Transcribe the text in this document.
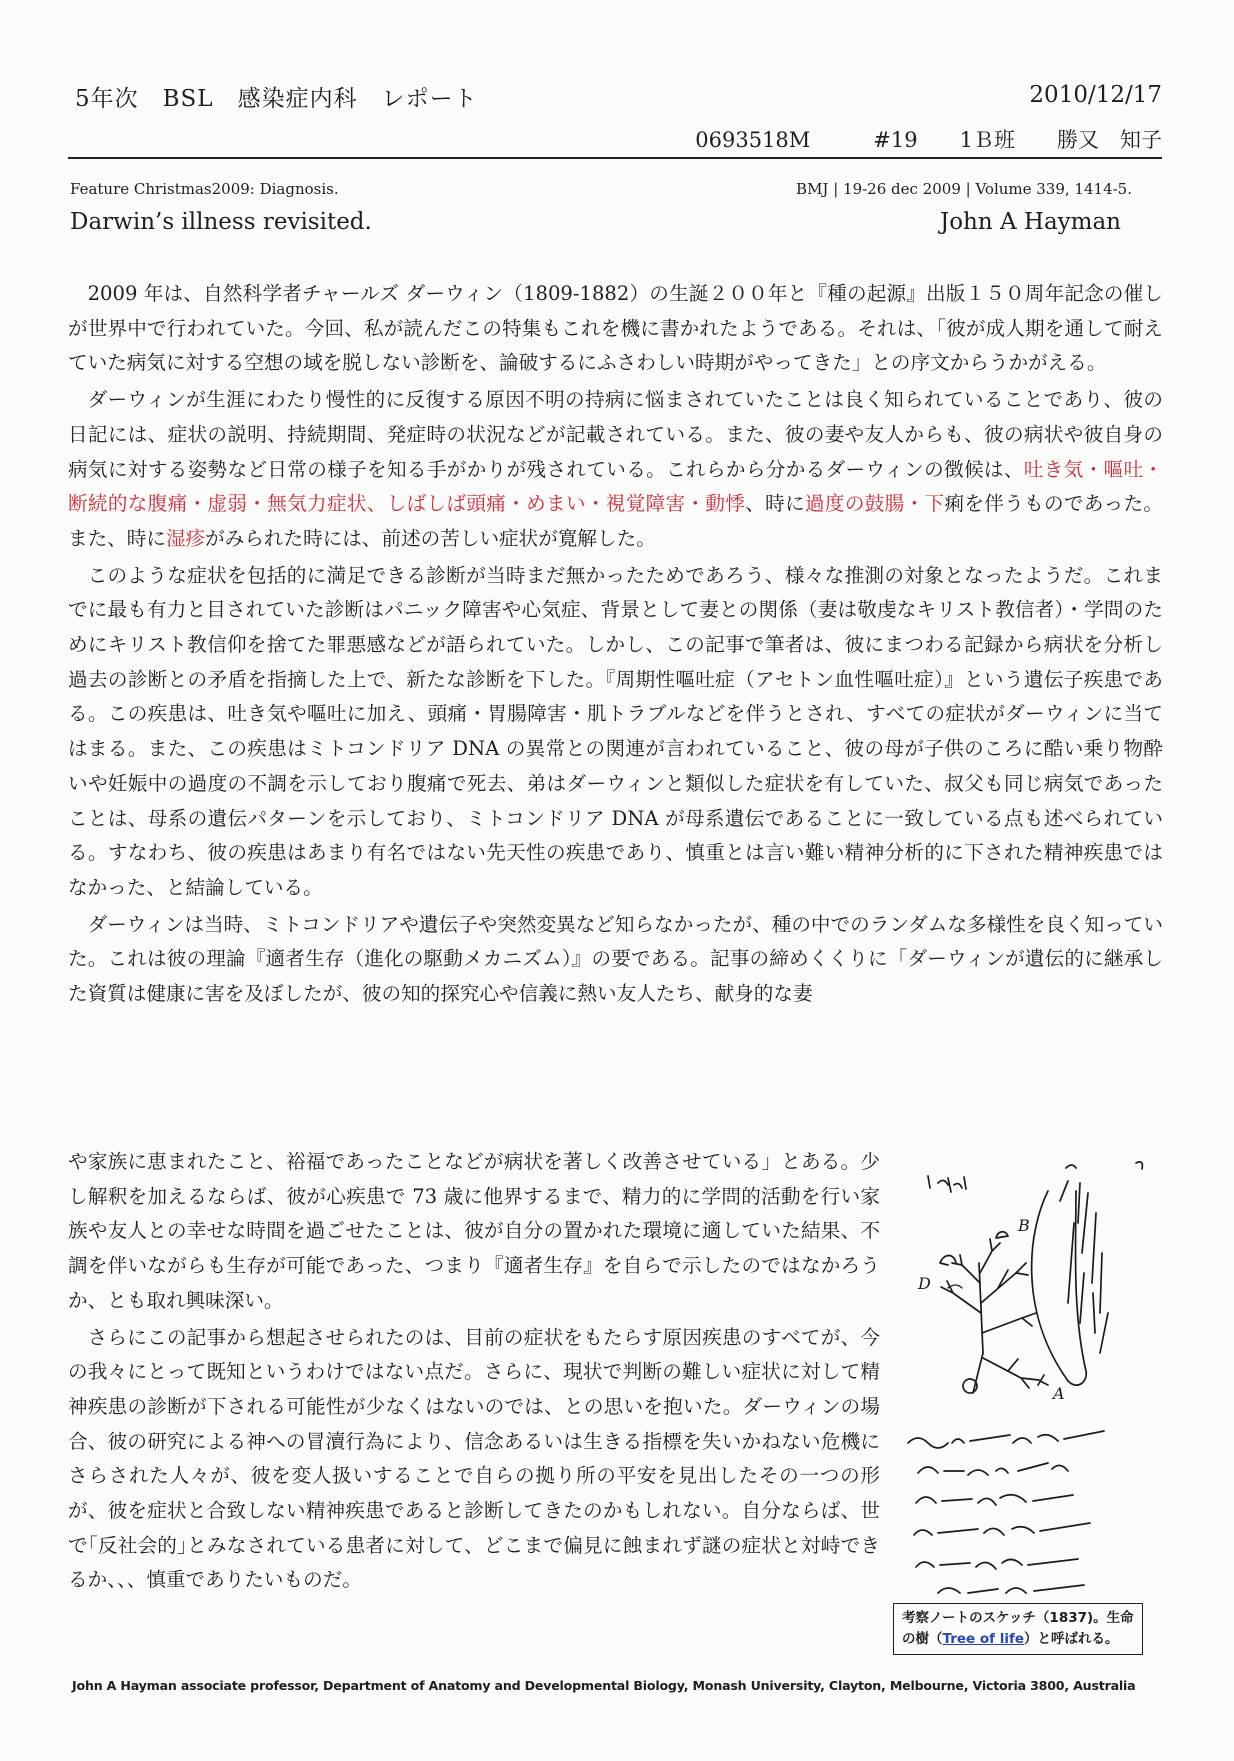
5年次　BSL　感染症内科　レポート	2010/12/17
0693518M　　　	#19　　 1Ｂ班　　 勝又　知子
Feature Christmas2009: Diagnosis.	BMJ | 19-26 dec 2009 | Volume 339, 1414-5.
Darwin’s illness revisited.	John A Hayman

2009 年は、自然科学者チャールズ ダーウィン（1809-1882）の生誕２００年と『種の起源』出版１５０周年記念の催しが世界中で行われていた。今回、私が読んだこの特集もこれを機に書かれたようである。それは、「彼が成人期を通して耐えていた病気に対する空想の域を脱しない診断を、論破するにふさわしい時期がやってきた」との序文からうかがえる。

ダーウィンが生涯にわたり慢性的に反復する原因不明の持病に悩まされていたことは良く知られていることであり、彼の日記には、症状の説明、持続期間、発症時の状況などが記載されている。また、彼の妻や友人からも、彼の病状や彼自身の病気に対する姿勢など日常の様子を知る手がかりが残されている。これらから分かるダーウィンの徴候は、吐き気・嘔吐・断続的な腹痛・虚弱・無気力症状、しばしば頭痛・めまい・視覚障害・動悸、時に過度の鼓腸・下痢を伴うものであった。また、時に湿疹がみられた時には、前述の苦しい症状が寛解した。

このような症状を包括的に満足できる診断が当時まだ無かったためであろう、様々な推測の対象となったようだ。これまでに最も有力と目されていた診断はパニック障害や心気症、背景として妻との関係（妻は敬虔なキリスト教信者）・学問のためにキリスト教信仰を捨てた罪悪感などが語られていた。しかし、この記事で筆者は、彼にまつわる記録から病状を分析し過去の診断との矛盾を指摘した上で、新たな診断を下した。『周期性嘔吐症（アセトン血性嘔吐症）』という遺伝子疾患である。この疾患は、吐き気や嘔吐に加え、頭痛・胃腸障害・肌トラブルなどを伴うとされ、すべての症状がダーウィンに当てはまる。また、この疾患はミトコンドリア DNA の異常との関連が言われていること、彼の母が子供のころに酷い乗り物酔いや妊娠中の過度の不調を示しており腹痛で死去、弟はダーウィンと類似した症状を有していた、叔父も同じ病気であったことは、母系の遺伝パターンを示しており、ミトコンドリア DNA が母系遺伝であることに一致している点も述べられている。すなわち、彼の疾患はあまり有名ではない先天性の疾患であり、慎重とは言い難い精神分析的に下された精神疾患ではなかった、と結論している。

ダーウィンは当時、ミトコンドリアや遺伝子や突然変異など知らなかったが、種の中でのランダムな多様性を良く知っていた。これは彼の理論『適者生存（進化の駆動メカニズム）』の要である。記事の締めくくりに「ダーウィンが遺伝的に継承した資質は健康に害を及ぼしたが、彼の知的探究心や信義に熱い友人たち、献身的な妻

や家族に恵まれたこと、裕福であったことなどが病状を著しく改善させている」とある。少し解釈を加えるならば、彼が心疾患で 73 歳に他界するまで、精力的に学問的活動を行い家族や友人との幸せな時間を過ごせたことは、彼が自分の置かれた環境に適していた結果、不調を伴いながらも生存が可能であった、つまり『適者生存』を自らで示したのではなかろうか、とも取れ興味深い。

さらにこの記事から想起させられたのは、目前の症状をもたらす原因疾患のすべてが、今の我々にとって既知というわけではない点だ。さらに、現状で判断の難しい症状に対して精神疾患の診断が下される可能性が少なくはないのでは、との思いを抱いた。ダーウィンの場合、彼の研究による神への冒瀆行為により、信念あるいは生きる指標を失いかねない危機にさらされた人々が、彼を変人扱いすることで自らの拠り所の平安を見出したその一つの形が、彼を症状と合致しない精神疾患であると診断してきたのかもしれない。自分ならば、世で｢反社会的｣とみなされている患者に対して、どこまで偏見に蝕まれず謎の症状と対峙できるか、、、慎重でありたいものだ。

B
D
A
考察ノートのスケッチ（1837)。生命の樹（Tree of life）と呼ばれる。
John A Hayman associate professor, Department of Anatomy and Developmental Biology, Monash University, Clayton, Melbourne, Victoria 3800, Australia
